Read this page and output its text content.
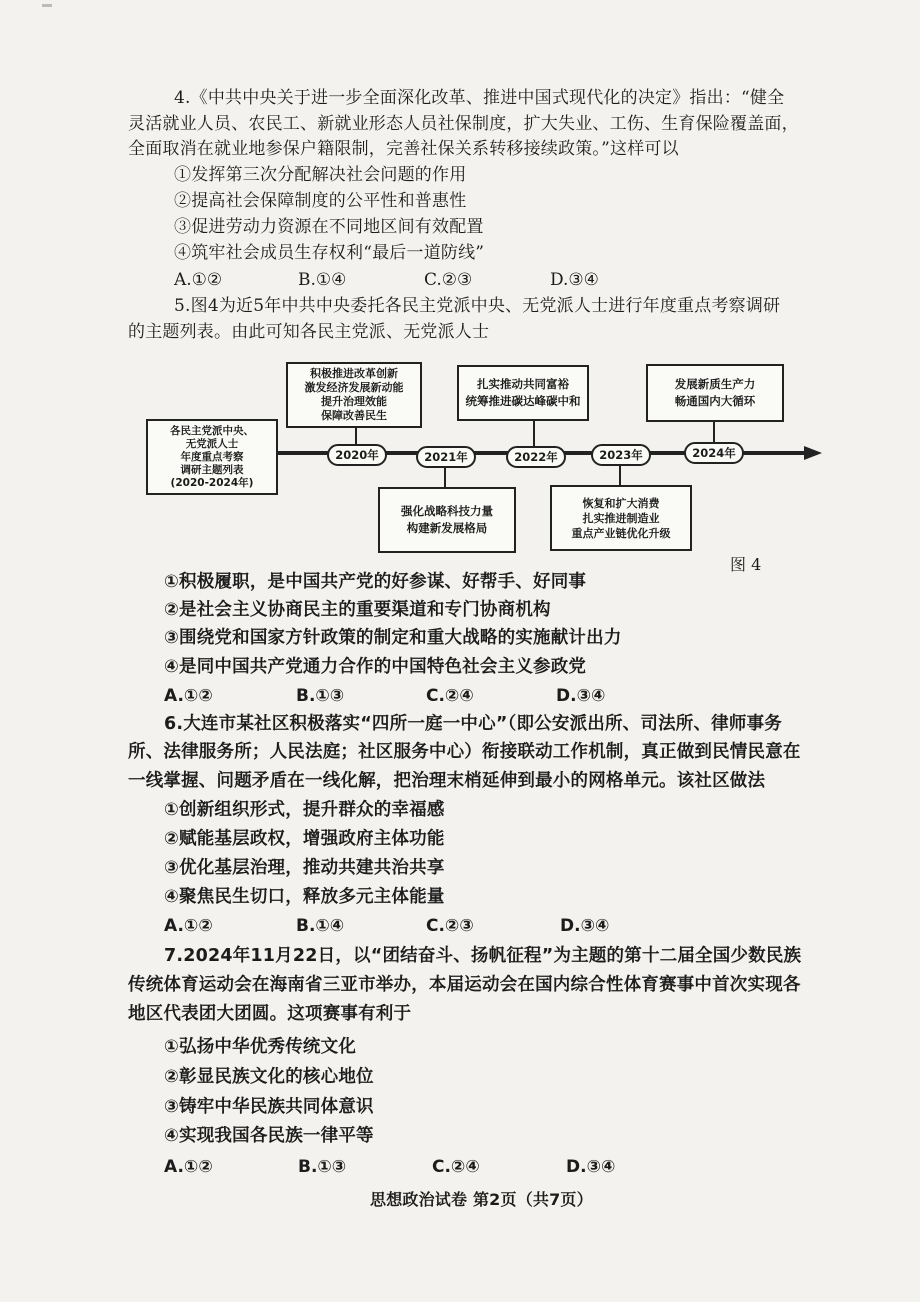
4.《中共中央关于进一步全面深化改革、推进中国式现代化的决定》指出：“健全
灵活就业人员、农民工、新就业形态人员社保制度，扩大失业、工伤、生育保险覆盖面，
全面取消在就业地参保户籍限制，完善社保关系转移接续政策。”这样可以
①发挥第三次分配解决社会问题的作用
②提高社会保障制度的公平性和普惠性
③促进劳动力资源在不同地区间有效配置
④筑牢社会成员生存权利“最后一道防线”
A.①②	B.①④	C.②③	D.③④
5.图4为近5年中共中央委托各民主党派中央、无党派人士进行年度重点考察调研
的主题列表。由此可知各民主党派、无党派人士
各民主党派中央、
无党派人士
年度重点考察
调研主题列表
(2020-2024年)
积极推进改革创新
激发经济发展新动能
提升治理效能
保障改善民生
2020年
强化战略科技力量
构建新发展格局
2021年
扎实推动共同富裕
统筹推进碳达峰碳中和
2022年
恢复和扩大消费
扎实推进制造业
重点产业链优化升级
2023年
发展新质生产力
畅通国内大循环
2024年
图 4
①积极履职，是中国共产党的好参谋、好帮手、好同事
②是社会主义协商民主的重要渠道和专门协商机构
③围绕党和国家方针政策的制定和重大战略的实施献计出力
④是同中国共产党通力合作的中国特色社会主义参政党
A.①②	B.①③	C.②④	D.③④
6.大连市某社区积极落实“四所一庭一中心”（即公安派出所、司法所、律师事务
所、法律服务所；人民法庭；社区服务中心）衔接联动工作机制，真正做到民情民意在
一线掌握、问题矛盾在一线化解，把治理末梢延伸到最小的网格单元。该社区做法
①创新组织形式，提升群众的幸福感
②赋能基层政权，增强政府主体功能
③优化基层治理，推动共建共治共享
④聚焦民生切口，释放多元主体能量
A.①②	B.①④	C.②③	D.③④
7.2024年11月22日，以“团结奋斗、扬帆征程”为主题的第十二届全国少数民族
传统体育运动会在海南省三亚市举办，本届运动会在国内综合性体育赛事中首次实现各
地区代表团大团圆。这项赛事有利于
①弘扬中华优秀传统文化
②彰显民族文化的核心地位
③铸牢中华民族共同体意识
④实现我国各民族一律平等
A.①②	B.①③	C.②④	D.③④
思想政治试卷 第2页（共7页）
